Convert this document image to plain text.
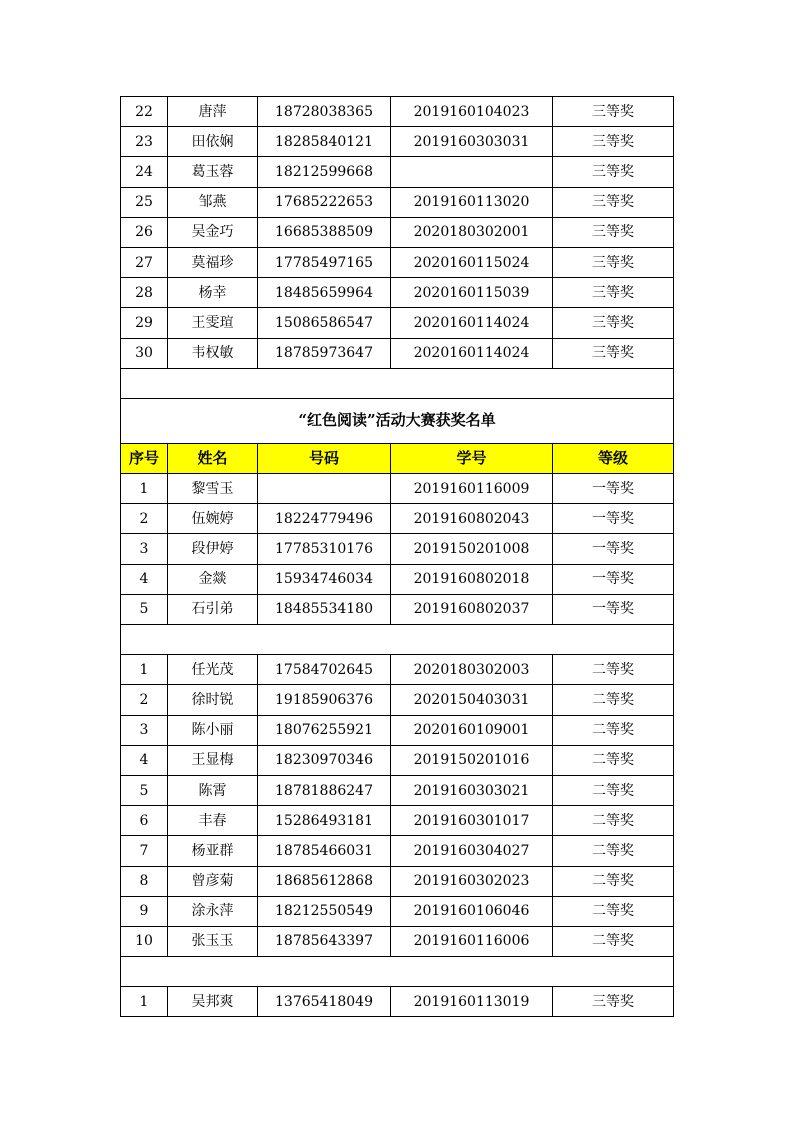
22	唐萍	18728038365	2019160104023	三等奖
23	田依娴	18285840121	2019160303031	三等奖
24	葛玉蓉	18212599668		三等奖
25	邹燕	17685222653	2019160113020	三等奖
26	吴金巧	16685388509	2020180302001	三等奖
27	莫福珍	17785497165	2020160115024	三等奖
28	杨幸	18485659964	2020160115039	三等奖
29	王雯瑄	15086586547	2020160114024	三等奖
30	韦权敏	18785973647	2020160114024	三等奖

“红色阅读”活动大赛获奖名单				
序号	姓名	号码	学号	等级
1	黎雪玉		2019160116009	一等奖
2	伍婉婷	18224779496	2019160802043	一等奖
3	段伊婷	17785310176	2019150201008	一等奖
4	金燚	15934746034	2019160802018	一等奖
5	石引弟	18485534180	2019160802037	一等奖

1	任光茂	17584702645	2020180302003	二等奖
2	徐时锐	19185906376	2020150403031	二等奖
3	陈小丽	18076255921	2020160109001	二等奖
4	王显梅	18230970346	2019150201016	二等奖
5	陈霄	18781886247	2019160303021	二等奖
6	丰春	15286493181	2019160301017	二等奖
7	杨亚群	18785466031	2019160304027	二等奖
8	曾彦菊	18685612868	2019160302023	二等奖
9	涂永萍	18212550549	2019160106046	二等奖
10	张玉玉	18785643397	2019160116006	二等奖

1	吴邦爽	13765418049	2019160113019	三等奖
